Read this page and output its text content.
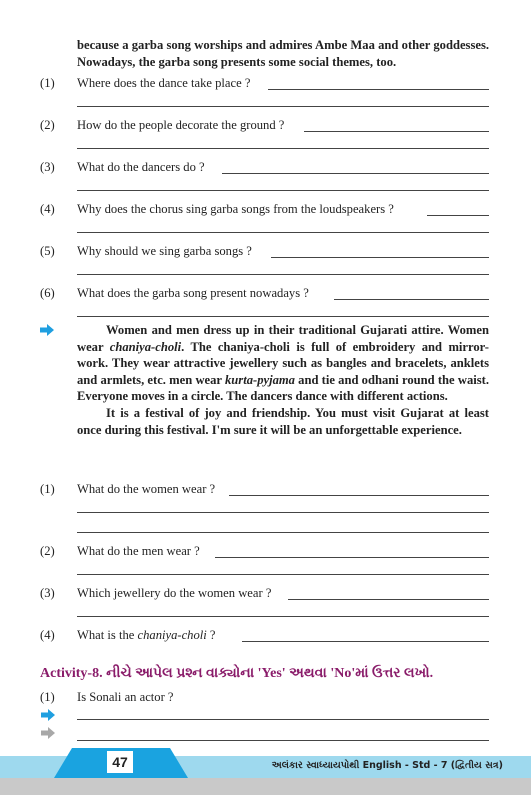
because a garba song worships and admires Ambe Maa and other goddesses. Nowadays, the garba song presents some social themes, too.
(1) Where does the dance take place ?
(2) How do the people decorate the ground ?
(3) What do the dancers do ?
(4) Why does the chorus sing garba songs from the loudspeakers ?
(5) Why should we sing garba songs ?
(6) What does the garba song present nowadays ?
Women and men dress up in their traditional Gujarati attire. Women wear chaniya-choli. The chaniya-choli is full of embroidery and mirror-work. They wear attractive jewellery such as bangles and bracelets, anklets and armlets, etc. men wear kurta-pyjama and tie and odhani round the waist. Everyone moves in a circle. The dancers dance with different actions.
It is a festival of joy and friendship. You must visit Gujarat at least once during this festival. I'm sure it will be an unforgettable experience.
(1) What do the women wear ?
(2) What do the men wear ?
(3) Which jewellery do the women wear ?
(4) What is the chaniya-choli ?
Activity-8. નીચે આપેલ પ્રશ્ન વાક્યોના 'Yes' અથવા 'No'માં ઉત્તર લખો.
(1) Is Sonali an actor ?
47	અલંકાર સ્વાધ્યાયપોથી English - Std - 7 (દ્વિતીય સત્ર)
